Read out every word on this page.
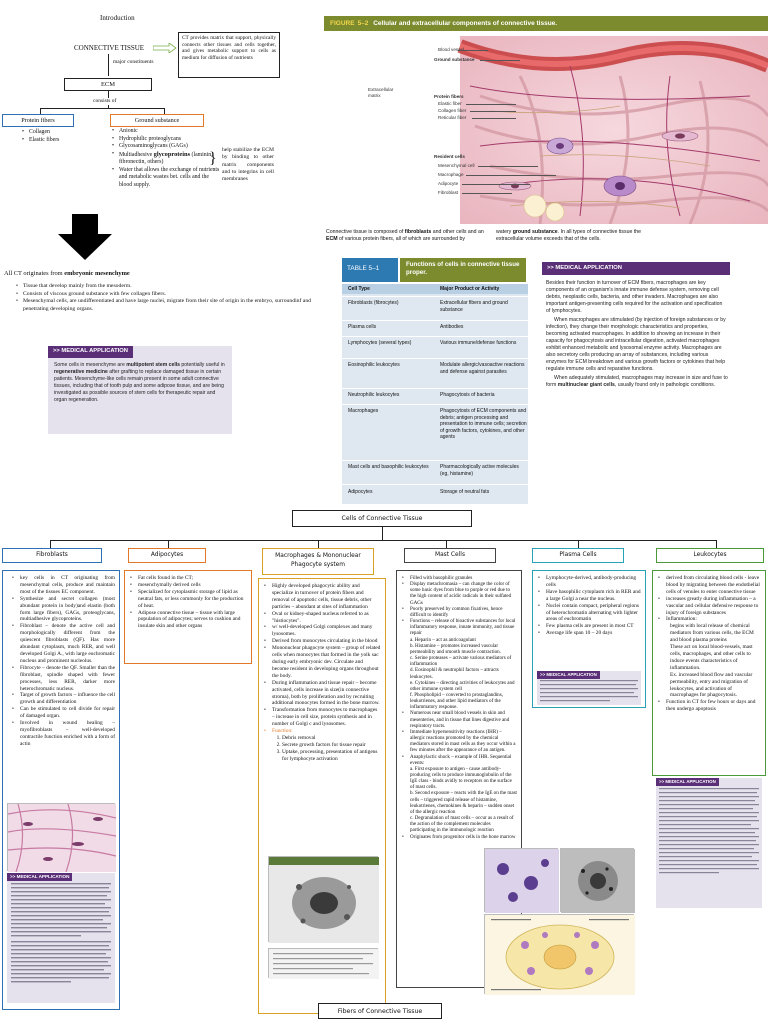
Introduction
CONNECTIVE TISSUE
CT provides matrix that support, physically connects other tissues and cells together, and gives metabolic support to cells as medium for diffusion of nutrients
major constituents
ECM
consists of
Protein fibers	Ground substance
• Collagen
• Elastic fibers
• Anionic
• Hydrophilic proteoglycans
• Glycosaminoglycans (GAGs)
• Multiadhesive glycoproteins (laminin, fibronectin, others)
• Water that allows the exchange of nutrients and metabolic wastes bet. cells and the blood supply.
} help stabilize the ECM by binding to other matrix components and to integrins in cell membranes
All CT originates from embryonic mesenchyme
• Tissue that develop mainly from the mesoderm.
• Consists of viscous ground substance with few collagen fibers.
• Mesenchymal cells, are undifferentiated and have large nuclei, migrate from their site of origin in the embryo, surroundinf and penetrating developing organs.
>> MEDICAL APPLICATION
Some cells in mesenchyme are multipotent stem cells potentially useful in regenerative medicine after grafting to replace damaged tissue in certain patients. Mesenchyme-like cells remain present in some adult connective tissues, including that of tooth pulp and some adipose tissue, and are being investigated as possible sources of stem cells for therapeutic repair and organ regeneration.
FIGURE 5–2 Cellular and extracellular components of connective tissue.
Extracellular matrix
Blood vessel
Ground substance
Protein fibers
Elastic fiber
Collagen fiber
Reticular fiber
Resident cells
Mesenchymal cell
Macrophage
Adipocyte
Fibroblast
Connective tissue is composed of fibroblasts and other cells and an ECM of various protein fibers, all of which are surrounded by
watery ground substance. In all types of connective tissue the extracellular volume exceeds that of the cells.
TABLE 5–1
Functions of cells in connective tissue proper.
Cell Type	Major Product or Activity
Fibroblasts (fibrocytes)	Extracellular fibers and ground substance
Plasma cells	Antibodies
Lymphocytes (several types)	Various immune/defense functions
Eosinophilic leukocytes	Modulate allergic/vasoactive reactions and defense against parasites
Neutrophilic leukocytes	Phagocytosis of bacteria
Macrophages	Phagocytosis of ECM components and debris; antigen processing and presentation to immune cells; secretion of growth factors, cytokines, and other agents
Mast cells and basophilic leukocytes	Pharmacologically active molecules (eg, histamine)
Adipocytes	Storage of neutral fats
>> MEDICAL APPLICATION

Besides their function in turnover of ECM fibers, macrophages are key components of an organism's innate immune defense system, removing cell debris, neoplastic cells, bacteria, and other invaders. Macrophages are also important antigen-presenting cells required for the activation and specification of lymphocytes.

When macrophages are stimulated (by injection of foreign substances or by infection), they change their morphologic characteristics and properties, becoming activated macrophages. In addition to showing an increase in their capacity for phagocytosis and intracellular digestion, activated macrophages exhibit enhanced metabolic and lysosomal enzyme activity. Macrophages are also secretory cells producing an array of substances, including various enzymes for ECM breakdown and various growth factors or cytokines that help regulate immune cells and reparative functions.

When adequately stimulated, macrophages may increase in size and fuse to form multinuclear giant cells, usually found only in pathologic conditions.

Cells of Connective Tissue
Fibroblasts
• key cells in CT originating from mesenchymal cells, produce and maintain most of the tissues EC component.
• Synthesize and secret collagen (most abundant protein in body)and elastin (both form large fibers), GAGs, proteoglycans, multiadhesive glycoproteins.
• Fibroblast – denote the active cell and morphologically different from the quiescent fibroblasts (QF). Has more abundant cytoplasm, much RER, and well developed Golgi A., with large euchromatic nucleus and prominent nucleolus.
• Fibrocyte – denote the QF. Smaller than the fibroblast, spindle shaped with fewer processes, less RER, darker more heterochromatic nucleus.
• Target of growth factors – influence the cell growth and differentiation
• Can be stimulated to cell divide for repair of damaged organ.
• Involved in wound healing – myofibroblasts – well-developed contractile function enriched with a form of actin
>> MEDICAL APPLICATION
Adipocytes
• Fat cells found in the CT;
• mesenchymally derived cells
• Specialized for cytoplasmic storage of lipid as neutral fats, or less commonly for the production of heat.
• Adipose connective tissue – tissue with large population of adipocytes; serves to cushion and insulate skin and other organs
Macrophages & Mononuclear Phagocyte system
• Highly developed phagocytic ability and specialize in turnover of protein fibers and removal of apoptotic cells, tissue debris, other particles – abundant at sites of inflammation
• Oval or kidney-shaped nucleus referred to as "histiocytes".
• w/ well-developed Golgi complexes and many lysosomes.
• Derived from monocytes circulating in the blood
• Mononuclear phagocyte system – group of related cells when monocytes that formed in the yolk sac during early embryonic dev. Circulate and become resident in developing organs throughout the body.
• During inflammation and tissue repair – become activated, cells increase in size(in connective stroma), both by proliferation and by recruiting additional monocytes formed in the bone marrow.
• Transformation from monocytes to macrophages – increase in cell size, protein synthesis and in number of Golgi c and lysosomes.
• Function:
1. Debris removal
2. Secrete growth factors for tissue repair
3. Uptake, processing, presentation of antigens for lymphocyte activation
Mast Cells
• Filled with basophilic granules
• Display metachromasia – can change the color of some basic dyes from blue to purple or red due to the high content of acidic radicals in their sulfated GAGs
• Poorly preserved by common fixatives, hence difficult to identify
• Functions – release of bioactive substances for local inflammatory response, innate immunity, and tissue repair
a. Heparin – act as anticoagulant
b. Histamine – promotes increased vascular permeability and smooth muscle contraction.
c. Serine proteases – activate various mediators of inflammation
d. Eosinophil & neutrophil factors – attracts leukocytes.
e. Cytokines – directing activities of leukocytes and other immune system cell
f. Phospholipid – converted to prostaglandins, leukotrienes, and other lipid mediators of the inflammatory response.
• Numerous near small blood vessels in skin and mesenteries, and in tissue that lines digestive and respiratory tracts.
• Immediate hypersensitivity reactions (IHR) – allergic reactions promoted by the chemical mediators stored in mast cells as they occur within a few minutes after the appearance of an antigen.
• Anaphylactic shock – example of IHR. Sequential events:
a. First exposure to antigen - cause antibody-producing cells to produce immunoglobulin of the IgE class - binds avidly to receptors on the surface of mast cells.
b. Second exposure – reacts with the IgE on the mast cells – triggered rapid release of histamine, leukotrienes, chemokines & heparin – sudden onset of the allergic reaction
c. Degranulation of mast cells – occur as a result of the action of the complement molecules participating in the immunologic reaction
• Originates from progenitor cells in the bone marrow
Plasma Cells
• Lymphocyte-derived, antibody-producing cells
• Have basophilic cytoplasm rich in RER and a large Golgi a near the nucleus.
• Nuclei contain compact, peripheral regions of heterochromatin alternating with lighter areas of euchromatin
• Few plasma cells are present in most CT
• Average life span 10 – 20 days
>> MEDICAL APPLICATION
Leukocytes
• derived from circulating blood cells - leave blood by migrating between the endothelial cells of venules to enter connective tissue
• increases greatly during inflammation – a vascular and cellular defensive response to injury of foreign substances
• Inflammation:
begins with local release of chemical mediators from various cells, the ECM and blood plasma proteins
These act on local blood-vessels, mast cells, macrophages, and other cells to induce events characteristics of inflammation.
Ex. increased blood flow and vascular permeability, entry and migration of leukocytes, and activation of macrophages for phagocytosis.
• Function in CT for few hours or days and then undergo apoptosis
>> MEDICAL APPLICATION
Fibers of Connective Tissue
